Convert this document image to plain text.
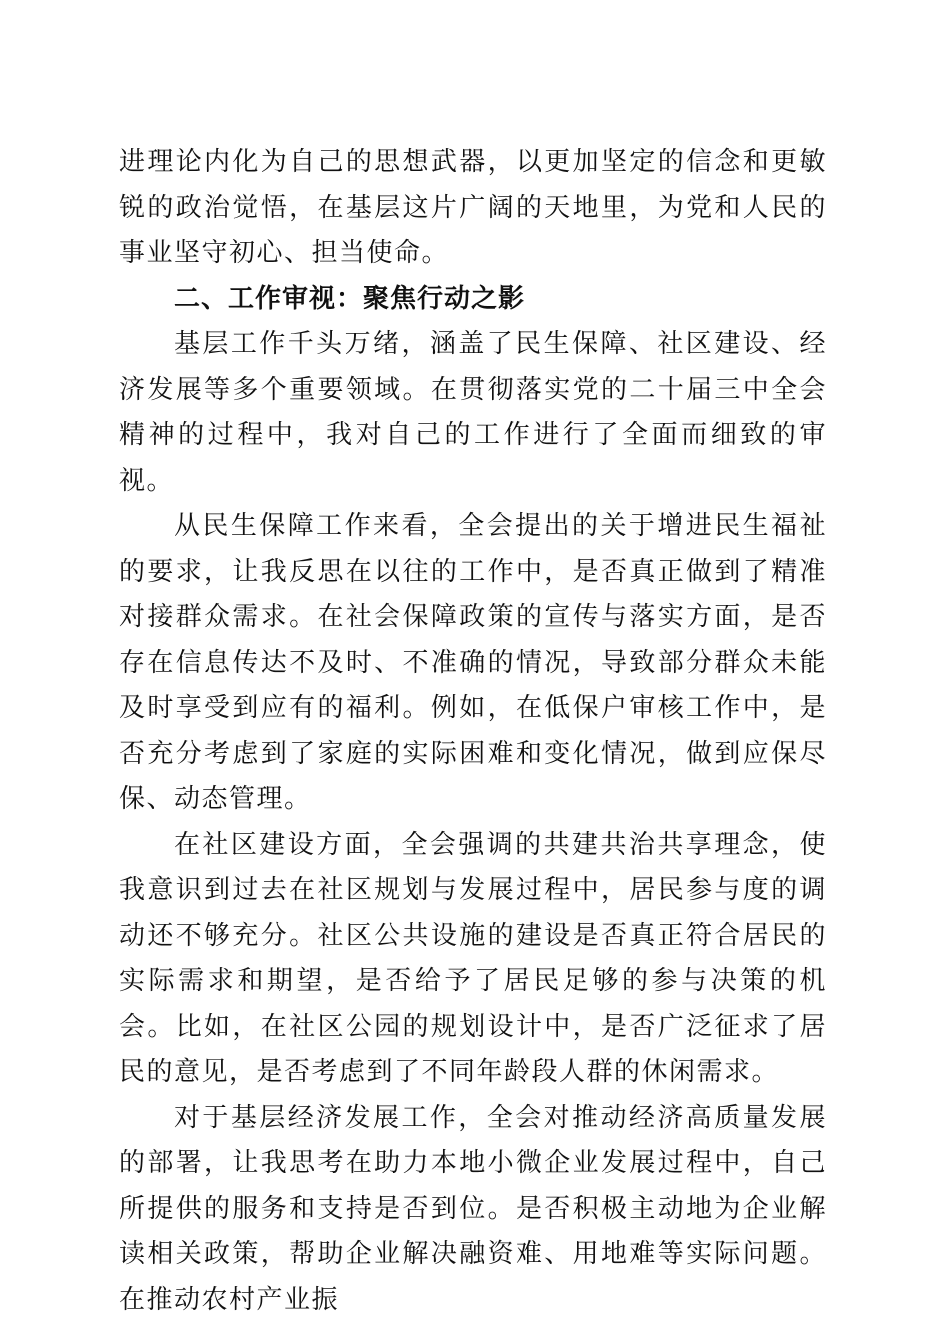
进理论内化为自己的思想武器，以更加坚定的信念和更敏锐的政治觉悟，在基层这片广阔的天地里，为党和人民的事业坚守初心、担当使命。

二、工作审视：聚焦行动之影

基层工作千头万绪，涵盖了民生保障、社区建设、经济发展等多个重要领域。在贯彻落实党的二十届三中全会精神的过程中，我对自己的工作进行了全面而细致的审视。

从民生保障工作来看，全会提出的关于增进民生福祉的要求，让我反思在以往的工作中，是否真正做到了精准对接群众需求。在社会保障政策的宣传与落实方面，是否存在信息传达不及时、不准确的情况，导致部分群众未能及时享受到应有的福利。例如，在低保户审核工作中，是否充分考虑到了家庭的实际困难和变化情况，做到应保尽保、动态管理。

在社区建设方面，全会强调的共建共治共享理念，使我意识到过去在社区规划与发展过程中，居民参与度的调动还不够充分。社区公共设施的建设是否真正符合居民的实际需求和期望，是否给予了居民足够的参与决策的机会。比如，在社区公园的规划设计中，是否广泛征求了居民的意见，是否考虑到了不同年龄段人群的休闲需求。

对于基层经济发展工作，全会对推动经济高质量发展的部署，让我思考在助力本地小微企业发展过程中，自己所提供的服务和支持是否到位。是否积极主动地为企业解读相关政策，帮助企业解决融资难、用地难等实际问题。在推动农村产业振
